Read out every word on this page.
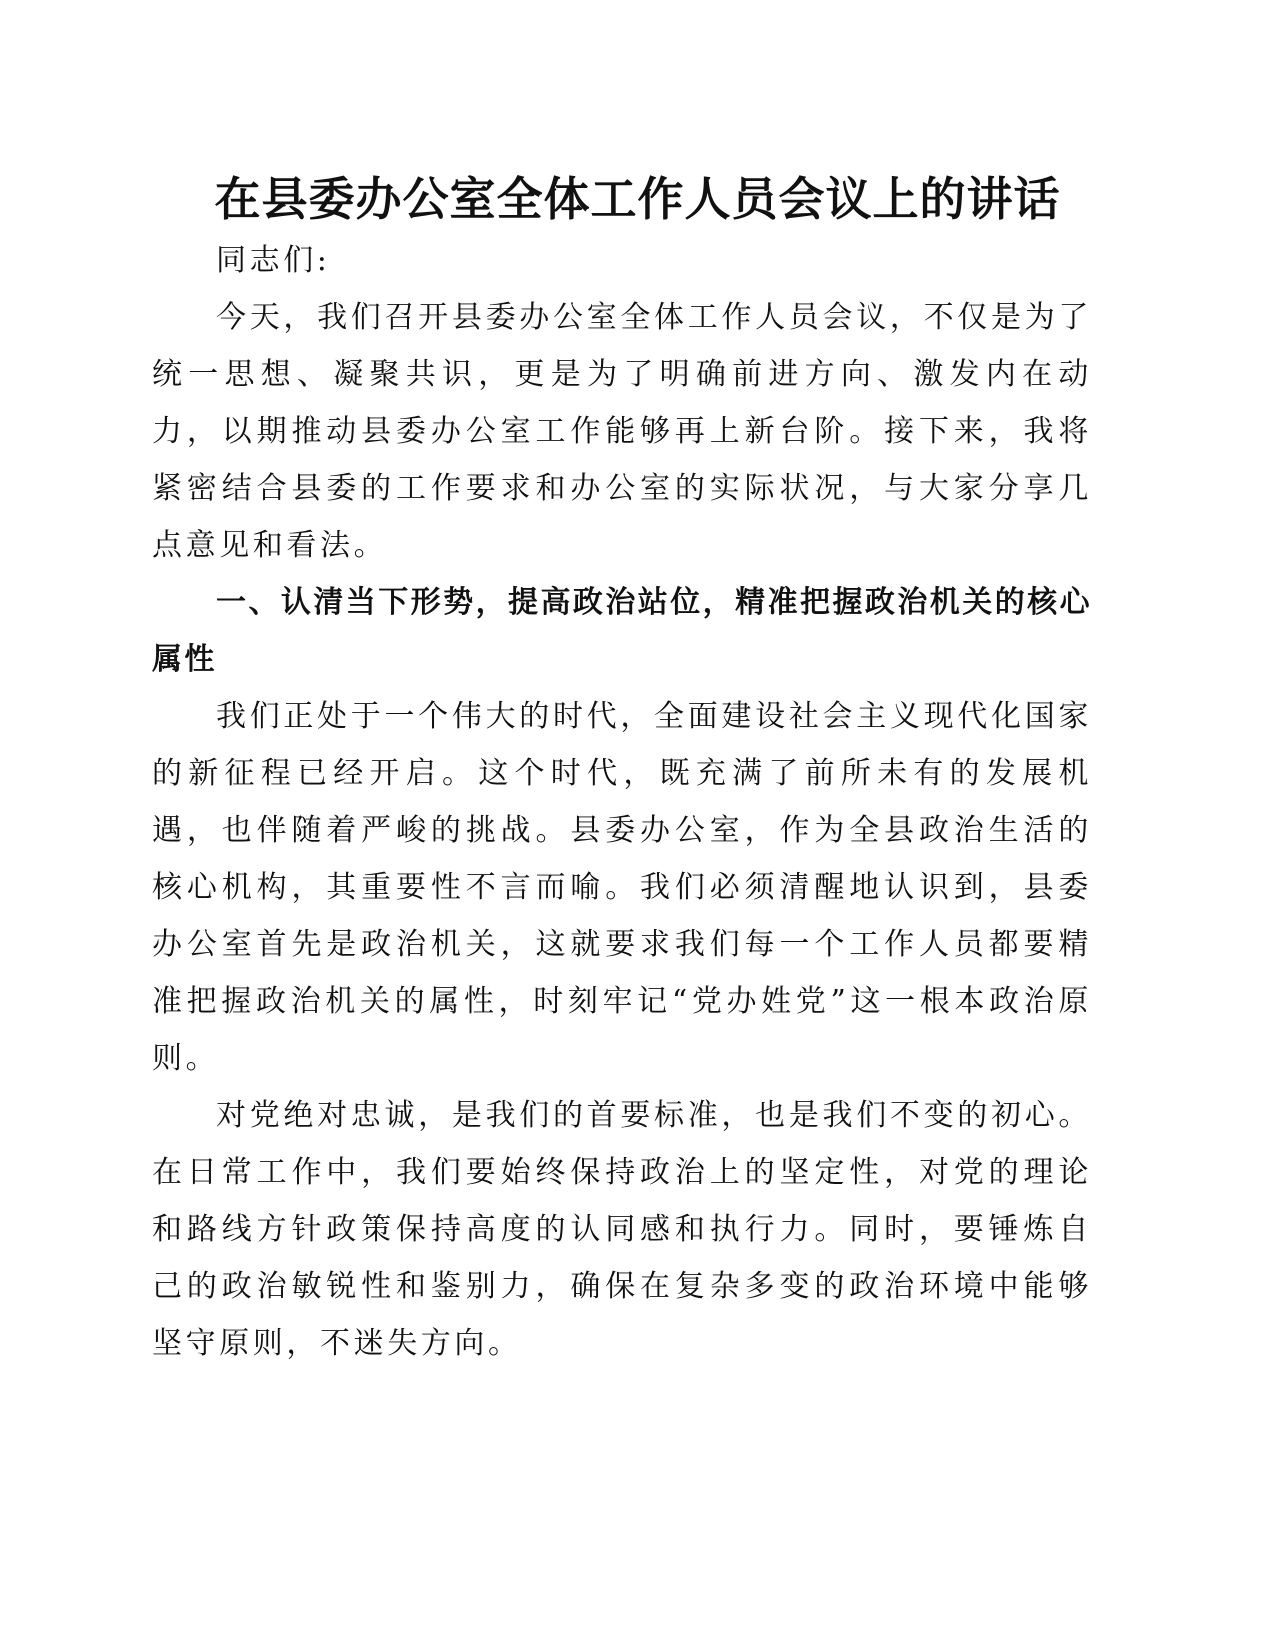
在县委办公室全体工作人员会议上的讲话

同志们:

今天，我们召开县委办公室全体工作人员会议，不仅是为了统一思想、凝聚共识，更是为了明确前进方向、激发内在动力，以期推动县委办公室工作能够再上新台阶。接下来，我将紧密结合县委的工作要求和办公室的实际状况，与大家分享几点意见和看法。

一、认清当下形势，提高政治站位，精准把握政治机关的核心属性

我们正处于一个伟大的时代，全面建设社会主义现代化国家的新征程已经开启。这个时代，既充满了前所未有的发展机遇，也伴随着严峻的挑战。县委办公室，作为全县政治生活的核心机构，其重要性不言而喻。我们必须清醒地认识到，县委办公室首先是政治机关，这就要求我们每一个工作人员都要精准把握政治机关的属性，时刻牢记“党办姓党”这一根本政治原则。

对党绝对忠诚，是我们的首要标准，也是我们不变的初心。在日常工作中，我们要始终保持政治上的坚定性，对党的理论和路线方针政策保持高度的认同感和执行力。同时，要锤炼自己的政治敏锐性和鉴别力，确保在复杂多变的政治环境中能够坚守原则，不迷失方向。
